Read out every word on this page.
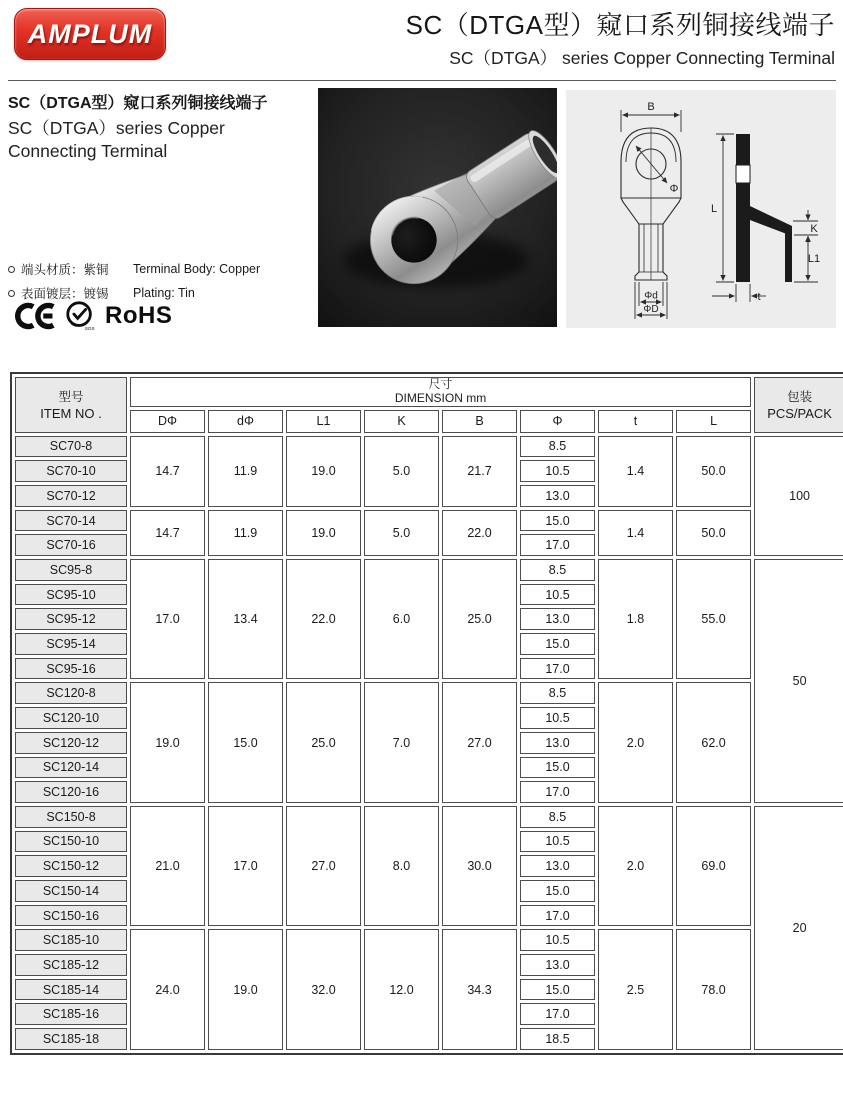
AMPLUM	SC（DTGA型）窥口系列铜接线端子
SC（DTGA） series Copper Connecting Terminal
SC（DTGA型）窥口系列铜接线端子
SC（DTGA）series Copper Connecting Terminal
端头材质：紫铜	Terminal Body: Copper
表面镀层：镀锡	Plating: Tin
SGS RoHS
B
Φ
Φd
ΦD
L
K
L1
t
型号
ITEM NO .

尺寸
DIMENSION mm	包装
PCS/PACK

	DΦ	dΦ	L1	K	B	Φ	t	L	
SC70-8	14.7	11.9	19.0	5.0	21.7	8.5	1.4	50.0	100
SC70-10						10.5			
SC70-12						13.0			
SC70-14	14.7	11.9	19.0	5.0	22.0	15.0	1.4	50.0	
SC70-16						17.0			
SC95-8	17.0	13.4	22.0	6.0	25.0	8.5	1.8	55.0	50
SC95-10						10.5			
SC95-12						13.0			
SC95-14						15.0			
SC95-16						17.0			
SC120-8	19.0	15.0	25.0	7.0	27.0	8.5	2.0	62.0	
SC120-10						10.5			
SC120-12						13.0			
SC120-14						15.0			
SC120-16						17.0			
SC150-8	21.0	17.0	27.0	8.0	30.0	8.5	2.0	69.0	20
SC150-10						10.5			
SC150-12						13.0			
SC150-14						15.0			
SC150-16						17.0			
SC185-10	24.0	19.0	32.0	12.0	34.3	10.5	2.5	78.0	
SC185-12						13.0			
SC185-14						15.0			
SC185-16						17.0			
SC185-18						18.5			
